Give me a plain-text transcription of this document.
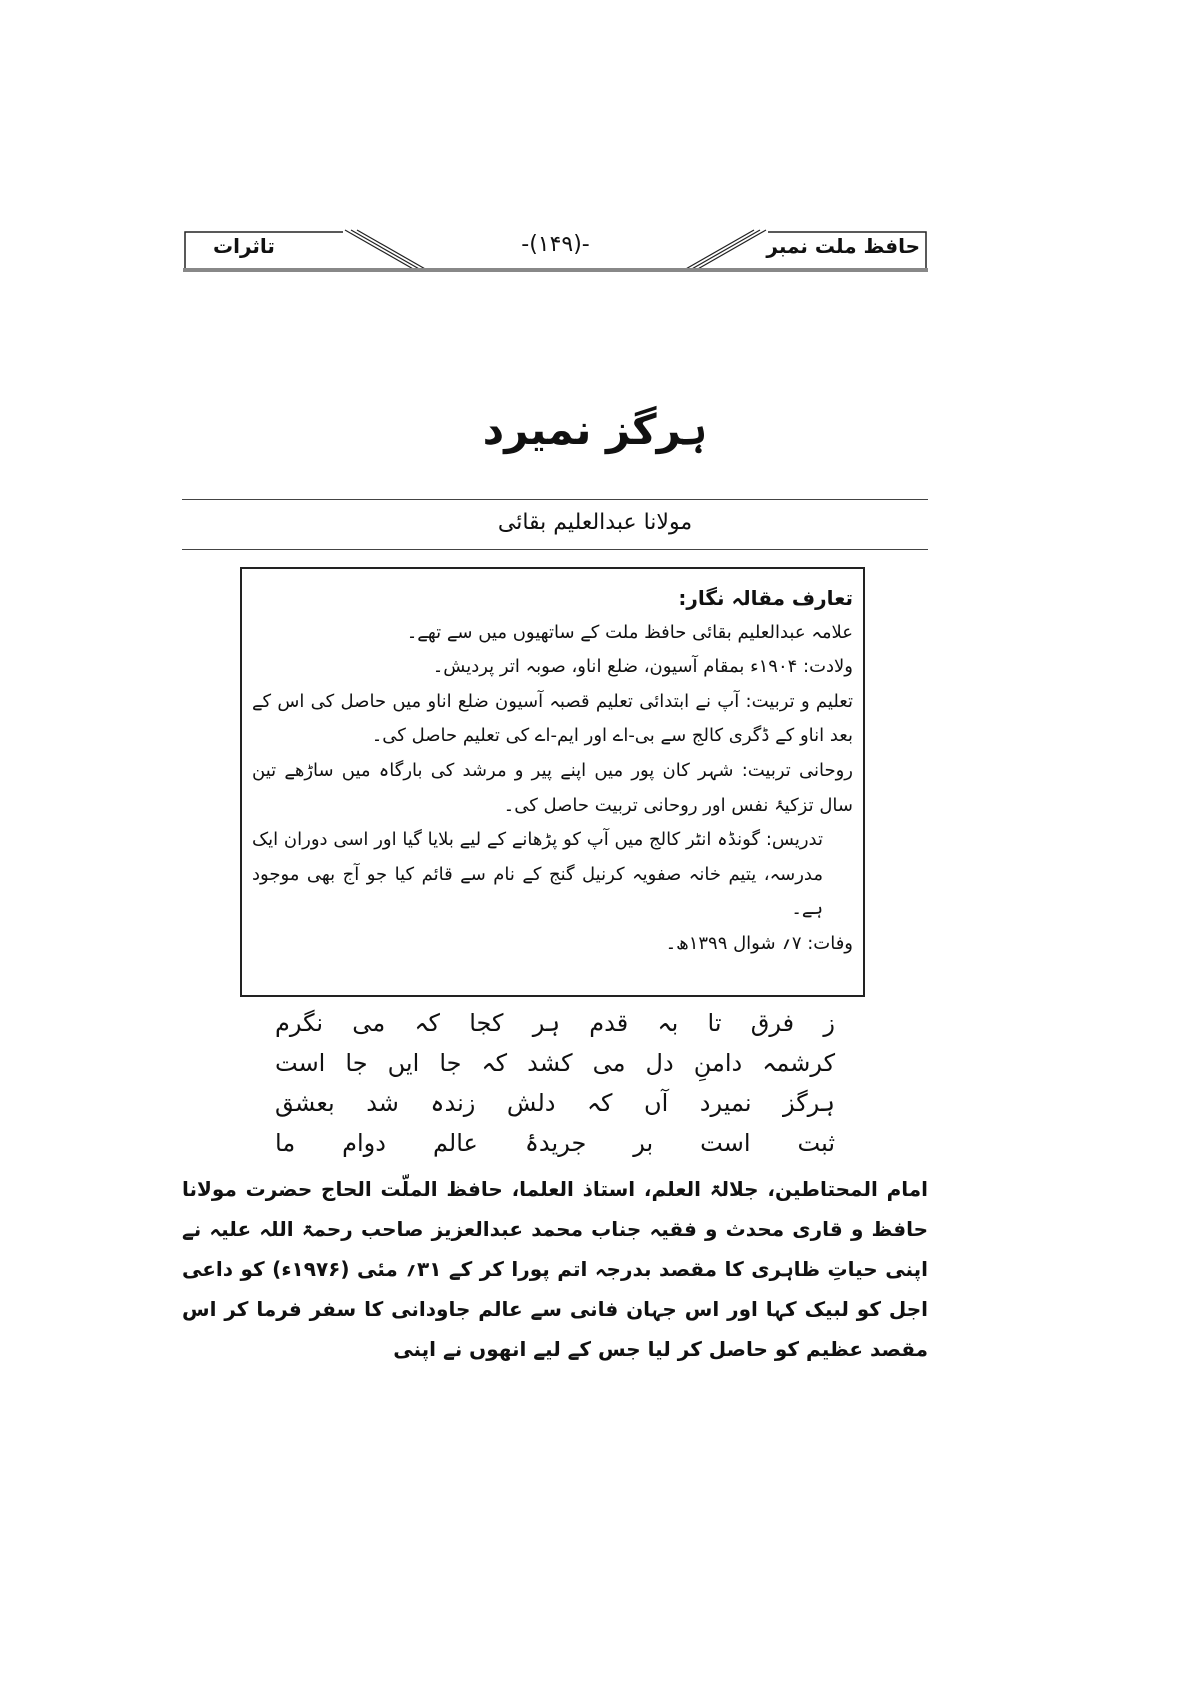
تاثرات	-(۱۴۹)-	حافظ ملت نمبر
ہرگز نمیرد
مولانا عبدالعلیم بقائی

تعارف مقالہ نگار:

علامہ عبدالعلیم بقائی حافظ ملت کے ساتھیوں میں سے تھے۔

ولادت: ۱۹۰۴ء بمقام آسیون، ضلع اناو، صوبہ اتر پردیش۔

تعلیم و تربیت: آپ نے ابتدائی تعلیم قصبہ آسیون ضلع اناو میں حاصل کی اس کے بعد اناو کے ڈگری کالج سے بی-اے اور ایم-اے کی تعلیم حاصل کی۔

روحانی تربیت: شہر کان پور میں اپنے پیر و مرشد کی بارگاہ میں ساڑھے تین سال تزکیۂ نفس اور روحانی تربیت حاصل کی۔

تدریس: گونڈہ انٹر کالج میں آپ کو پڑھانے کے لیے بلایا گیا اور اسی دوران ایک مدرسہ، یتیم خانہ صفویہ کرنیل گنج کے نام سے قائم کیا جو آج بھی موجود ہے۔

وفات: ۷؍ شوال ۱۳۹۹ھ۔

ز فرق تا بہ قدم ہر کجا کہ می نگرم
کرشمہ دامنِ دل می کشد کہ جا ایں جا است
ہرگز نمیرد آں کہ دلش زندہ شد بعشق
ثبت است بر جریدۂ عالم دوام ما

امام المحتاطین، جلالۃ العلم، استاذ العلما، حافظ الملّت الحاج حضرت مولانا حافظ و قاری محدث و فقیہ جناب محمد عبدالعزیز صاحب رحمۃ اللہ علیہ نے اپنی حیاتِ ظاہری کا مقصد بدرجہ اتم پورا کر کے ۳۱؍ مئی (۱۹۷۶ء) کو داعی اجل کو لبیک کہا اور اس جہان فانی سے عالم جاودانی کا سفر فرما کر اس مقصد عظیم کو حاصل کر لیا جس کے لیے انھوں نے اپنی
